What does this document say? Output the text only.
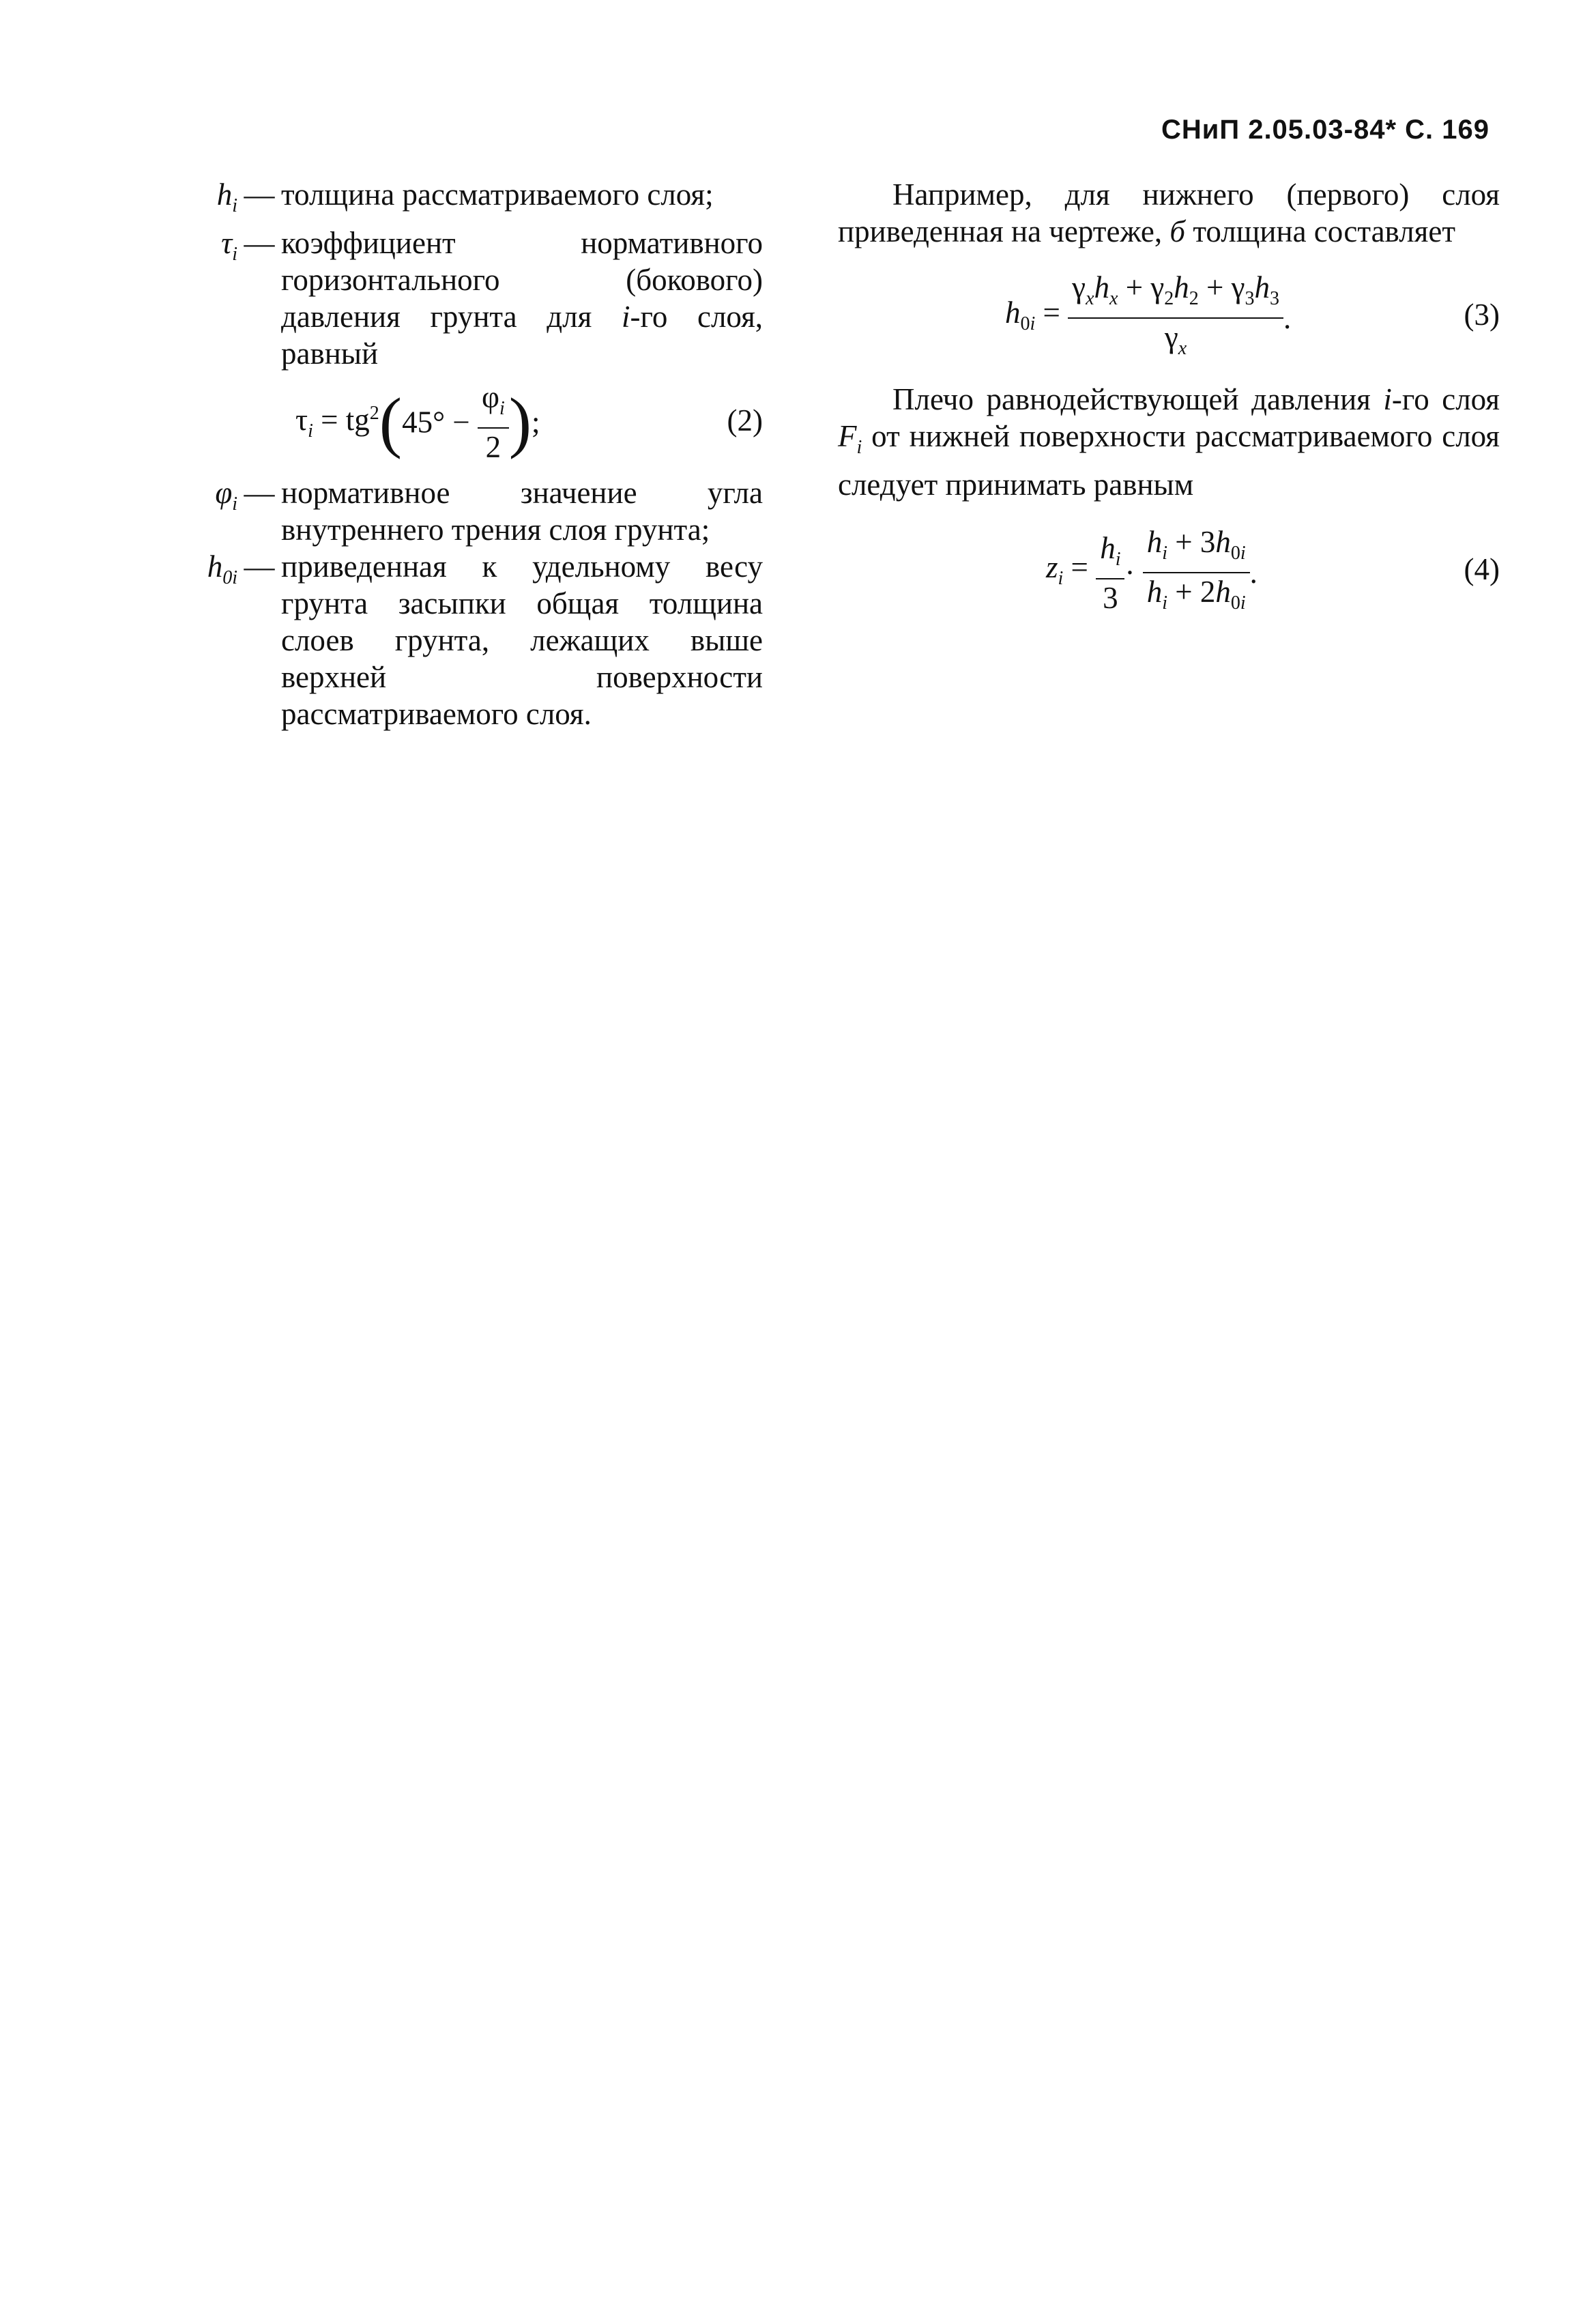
СНиП 2.05.03-84* С. 169
$h_i$ — толщина рассматриваемого слоя;
$\tau_i$ — коэффициент нормативного горизонтального (бокового) давления грунта для i-го слоя, равный
$\tau_i = tg^2(45^\circ - \frac{\varphi_i}{2}$ );	(2)
$\varphi_i$ — нормативное значение угла внутреннего трения слоя грунта;
$h_{0i}$ — приведенная к удельному весу грунта засыпки общая толщина слоев грунта, лежащих выше верхней поверхности рассматриваемого слоя.
Например, для нижнего (первого) слоя приведенная на чертеже, б толщина составляет
$h_{0i} = \frac{\gamma_xh_x + \gamma_2h_2 + \gamma_3h_3}{\gamma_x}$ .	(3)
Плечо равнодействующей давления i-го слоя $F_i$ от нижней поверхности рассматриваемого слоя следует принимать равным
$z_i = \frac{h_i}{3} \cdot \frac{h_i + 3h_{0i}}{h_i + 2h_{0i}}$ .	(4)
